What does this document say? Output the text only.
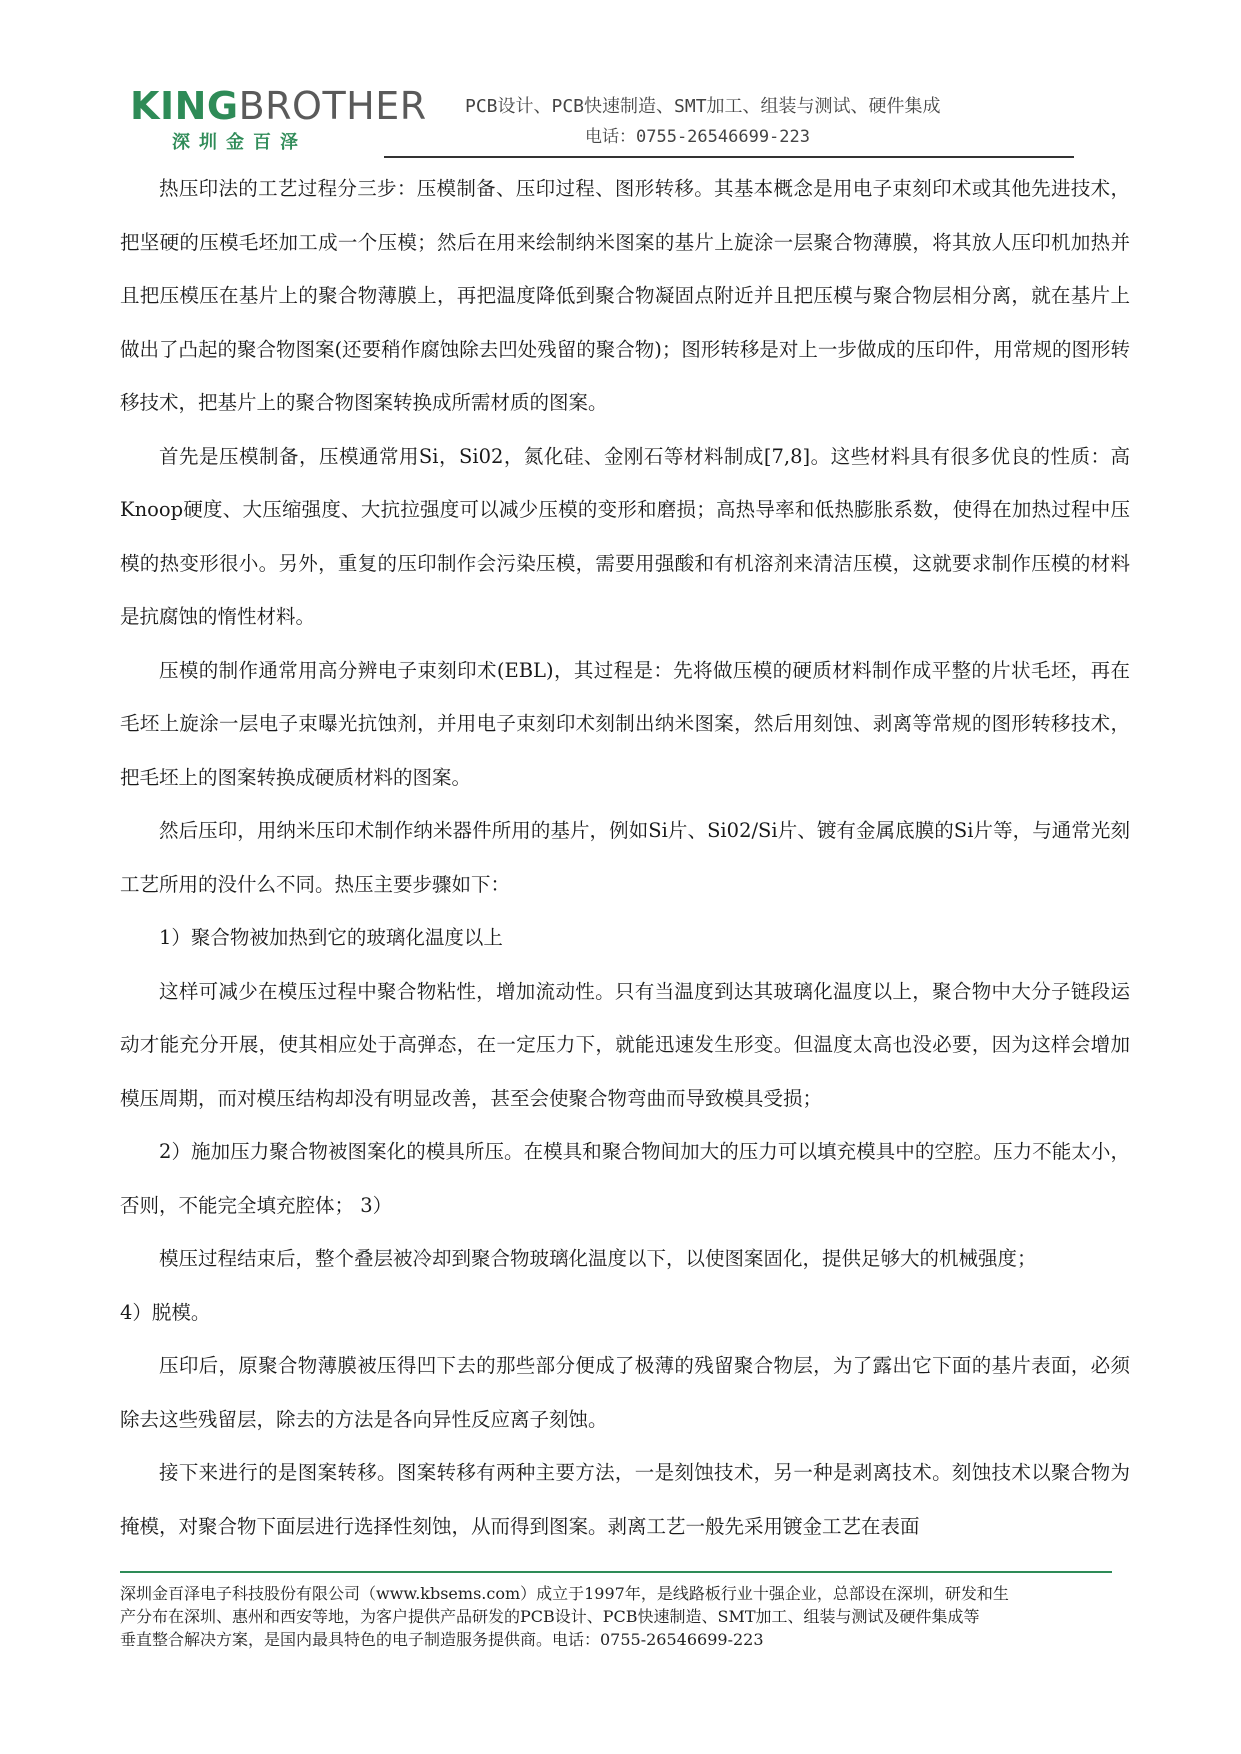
KINGBROTHER
深圳金百泽
PCB设计、PCB快速制造、SMT加工、组装与测试、硬件集成
电话：0755-26546699-223

热压印法的工艺过程分三步：压模制备、压印过程、图形转移。其基本概念是用电子束刻印术或其他先进技术，把坚硬的压模毛坯加工成一个压模；然后在用来绘制纳米图案的基片上旋涂一层聚合物薄膜，将其放人压印机加热并且把压模压在基片上的聚合物薄膜上，再把温度降低到聚合物凝固点附近并且把压模与聚合物层相分离，就在基片上做出了凸起的聚合物图案(还要稍作腐蚀除去凹处残留的聚合物)；图形转移是对上一步做成的压印件，用常规的图形转移技术，把基片上的聚合物图案转换成所需材质的图案。

首先是压模制备，压模通常用Si，Si02，氮化硅、金刚石等材料制成[7,8]。这些材料具有很多优良的性质：高Knoop硬度、大压缩强度、大抗拉强度可以减少压模的变形和磨损；高热导率和低热膨胀系数，使得在加热过程中压模的热变形很小。另外，重复的压印制作会污染压模，需要用强酸和有机溶剂来清洁压模，这就要求制作压模的材料是抗腐蚀的惰性材料。

压模的制作通常用高分辨电子束刻印术(EBL)，其过程是：先将做压模的硬质材料制作成平整的片状毛坯，再在毛坯上旋涂一层电子束曝光抗蚀剂，并用电子束刻印术刻制出纳米图案，然后用刻蚀、剥离等常规的图形转移技术，把毛坯上的图案转换成硬质材料的图案。

然后压印，用纳米压印术制作纳米器件所用的基片，例如Si片、Si02/Si片、镀有金属底膜的Si片等，与通常光刻工艺所用的没什么不同。热压主要步骤如下：

1）聚合物被加热到它的玻璃化温度以上

这样可减少在模压过程中聚合物粘性，增加流动性。只有当温度到达其玻璃化温度以上，聚合物中大分子链段运动才能充分开展，使其相应处于高弹态，在一定压力下，就能迅速发生形变。但温度太高也没必要，因为这样会增加模压周期，而对模压结构却没有明显改善，甚至会使聚合物弯曲而导致模具受损；

2）施加压力聚合物被图案化的模具所压。在模具和聚合物间加大的压力可以填充模具中的空腔。压力不能太小，否则，不能完全填充腔体； 3）

模压过程结束后，整个叠层被冷却到聚合物玻璃化温度以下，以使图案固化，提供足够大的机械强度；

4）脱模。

压印后，原聚合物薄膜被压得凹下去的那些部分便成了极薄的残留聚合物层，为了露出它下面的基片表面，必须除去这些残留层，除去的方法是各向异性反应离子刻蚀。

接下来进行的是图案转移。图案转移有两种主要方法，一是刻蚀技术，另一种是剥离技术。刻蚀技术以聚合物为掩模，对聚合物下面层进行选择性刻蚀，从而得到图案。剥离工艺一般先采用镀金工艺在表面

深圳金百泽电子科技股份有限公司（www.kbsems.com）成立于1997年，是线路板行业十强企业，总部设在深圳，研发和生
产分布在深圳、惠州和西安等地，为客户提供产品研发的PCB设计、PCB快速制造、SMT加工、组装与测试及硬件集成等
垂直整合解决方案，是国内最具特色的电子制造服务提供商。电话：0755-26546699-223
